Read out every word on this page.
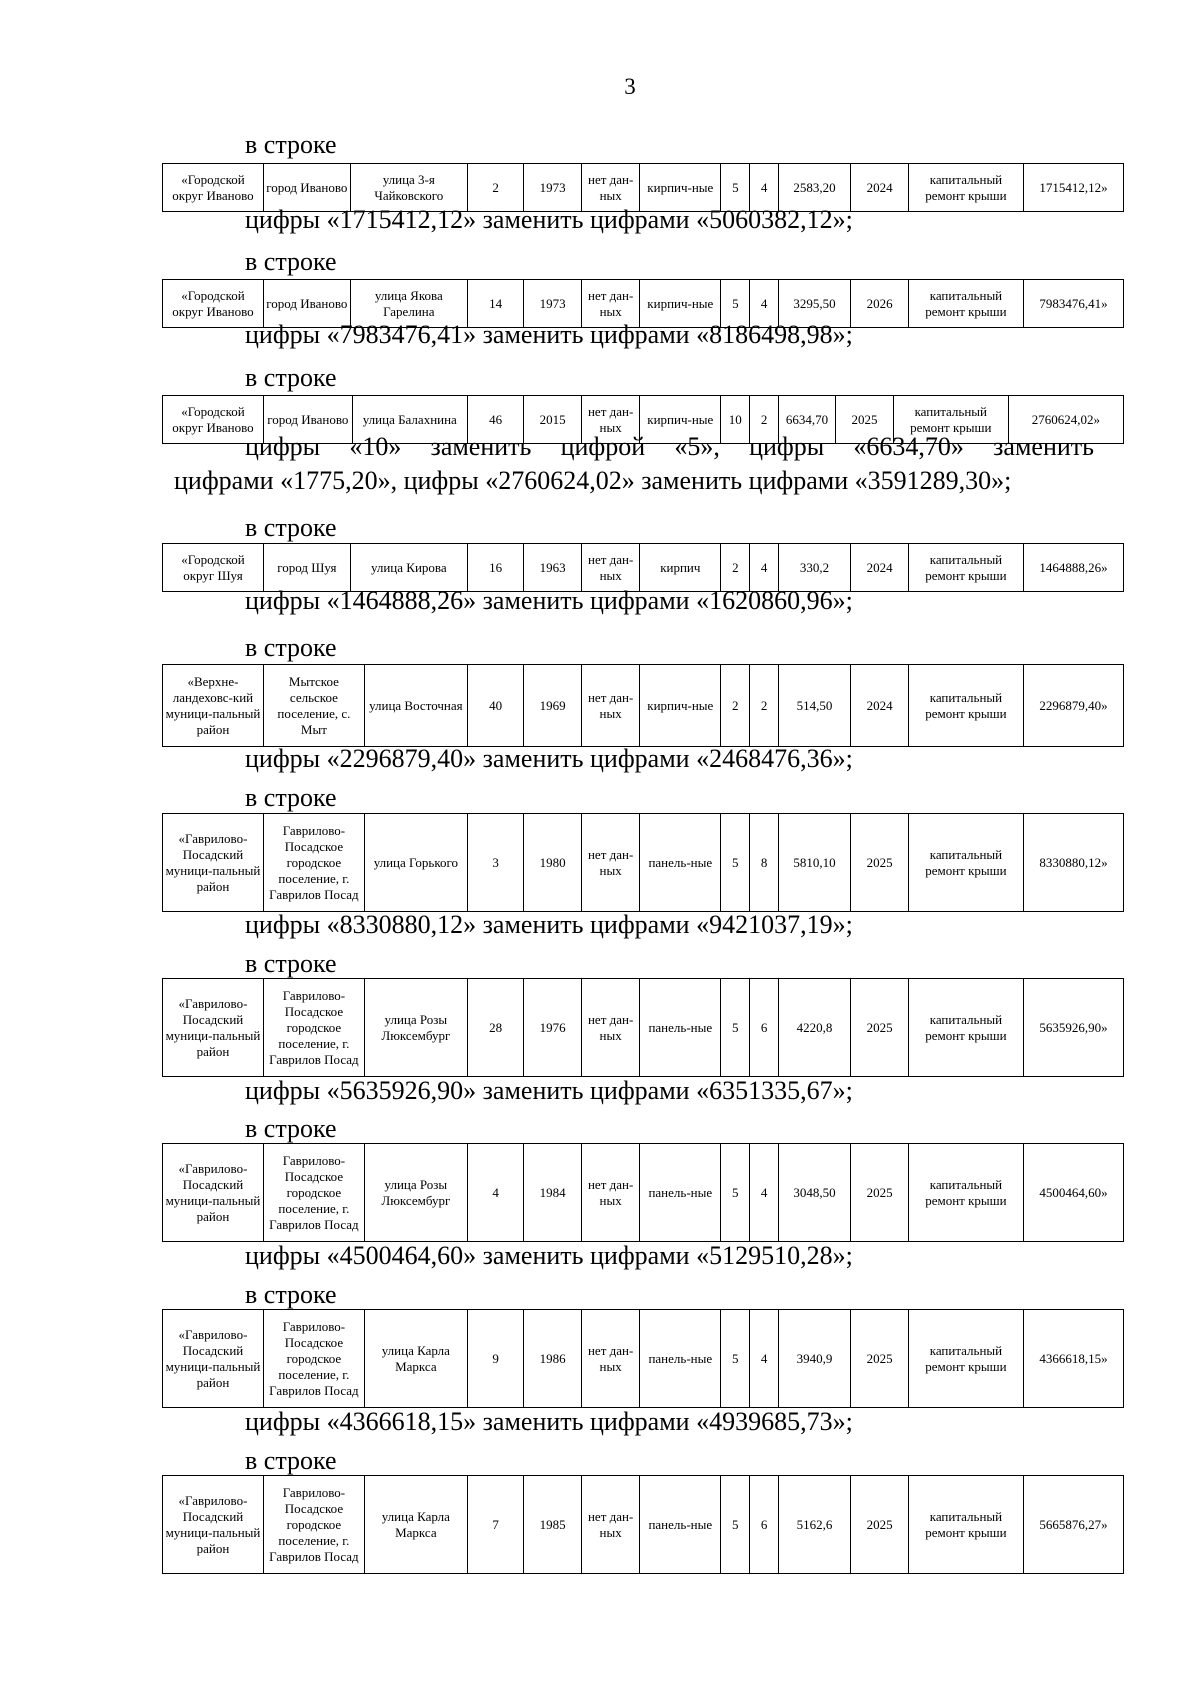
3
в строке
«Городской округ Иваново	город Иваново	улица 3-я Чайковского	2	1973	нет дан-ных	кирпич-ные	5	4	2583,20	2024	капитальный ремонт крыши	1715412,12»
цифры «1715412,12» заменить цифрами «5060382,12»;
в строке
«Городской округ Иваново	город Иваново	улица Якова Гарелина	14	1973	нет дан-ных	кирпич-ные	5	4	3295,50	2026	капитальный ремонт крыши	7983476,41»
цифры «7983476,41» заменить цифрами «8186498,98»;
в строке
«Городской округ Иваново	город Иваново	улица Балахнина	46	2015	нет дан-ных	кирпич-ные	10	2	6634,70	2025	капитальный ремонт крыши	2760624,02»
цифры «10» заменить цифрой «5», цифры «6634,70» заменить
цифрами «1775,20», цифры «2760624,02» заменить цифрами «3591289,30»;
в строке
«Городской округ Шуя	город Шуя	улица Кирова	16	1963	нет дан-ных	кирпич	2	4	330,2	2024	капитальный ремонт крыши	1464888,26»
цифры «1464888,26» заменить цифрами «1620860,96»;
в строке
«Верхне-ландеховс-кий муници-пальный район	Мытское сельское поселение, с. Мыт	улица Восточная	40	1969	нет дан-ных	кирпич-ные	2	2	514,50	2024	капитальный ремонт крыши	2296879,40»
цифры «2296879,40» заменить цифрами «2468476,36»;
в строке
«Гаврилово-Посадский муници-пальный район	Гаврилово-Посадское городское поселение, г. Гаврилов Посад	улица Горького	3	1980	нет дан-ных	панель-ные	5	8	5810,10	2025	капитальный ремонт крыши	8330880,12»
цифры «8330880,12» заменить цифрами «9421037,19»;
в строке
«Гаврилово-Посадский муници-пальный район	Гаврилово-Посадское городское поселение, г. Гаврилов Посад	улица Розы Люксембург	28	1976	нет дан-ных	панель-ные	5	6	4220,8	2025	капитальный ремонт крыши	5635926,90»
цифры «5635926,90» заменить цифрами «6351335,67»;
в строке
«Гаврилово-Посадский муници-пальный район	Гаврилово-Посадское городское поселение, г. Гаврилов Посад	улица Розы Люксембург	4	1984	нет дан-ных	панель-ные	5	4	3048,50	2025	капитальный ремонт крыши	4500464,60»
цифры «4500464,60» заменить цифрами «5129510,28»;
в строке
«Гаврилово-Посадский муници-пальный район	Гаврилово-Посадское городское поселение, г. Гаврилов Посад	улица Карла Маркса	9	1986	нет дан-ных	панель-ные	5	4	3940,9	2025	капитальный ремонт крыши	4366618,15»
цифры «4366618,15» заменить цифрами «4939685,73»;
в строке
«Гаврилово-Посадский муници-пальный район	Гаврилово-Посадское городское поселение, г. Гаврилов Посад	улица Карла Маркса	7	1985	нет дан-ных	панель-ные	5	6	5162,6	2025	капитальный ремонт крыши	5665876,27»
